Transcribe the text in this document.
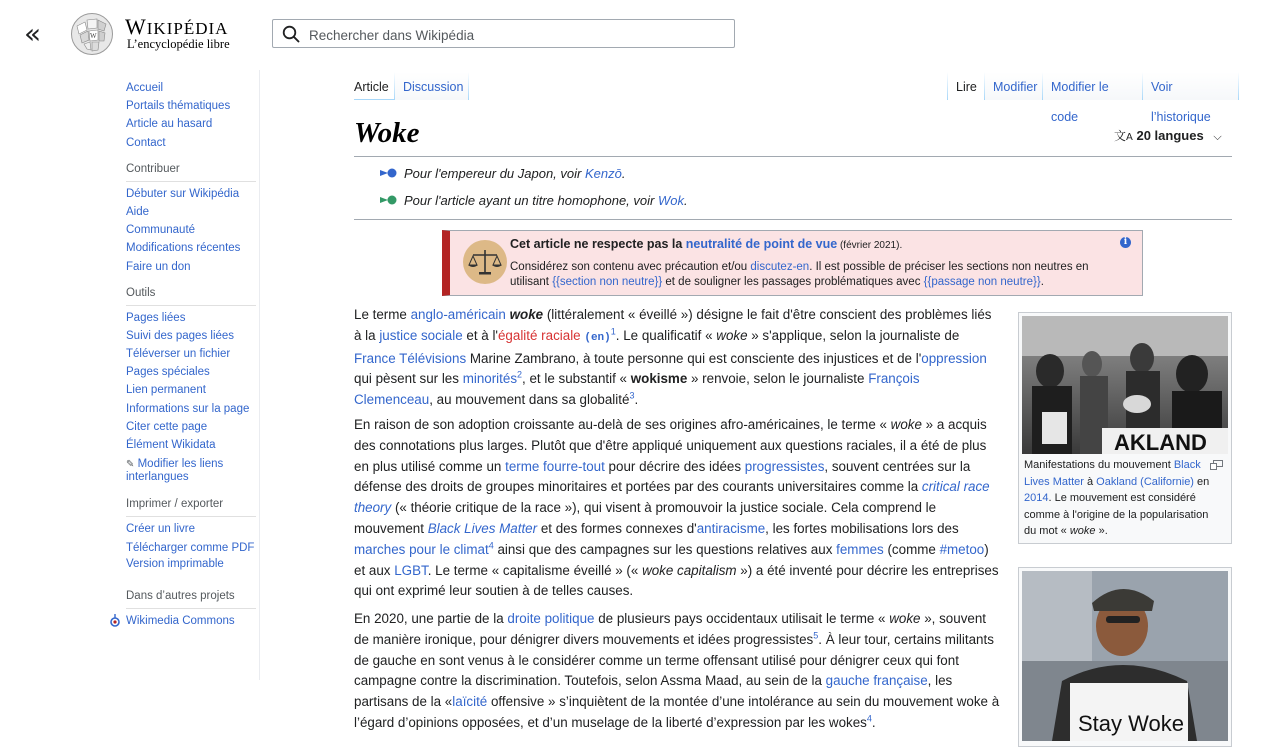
«	W WIKIPÉDIA
L’encyclopédie libre
Rechercher dans Wikipédia
Accueil
Portails thématiques
Article au hasard
Contact
Contribuer
Débuter sur Wikipédia
Aide
Communauté
Modifications récentes
Faire un don
Outils
Pages liées
Suivi des pages liées
Téléverser un fichier
Pages spéciales
Lien permanent
Informations sur la page
Citer cette page
Élément Wikidata
✎ Modifier les liens interlangues
Imprimer / exporter
Créer un livre
Télécharger comme PDF
Version imprimable
Dans d’autres projets
Wikimedia Commons
Article	Discussion	Lire	Modifier	Modifier le code
Voir l’historique
Woke	文A 20 langues ⌵
Pour l'empereur du Japon, voir Kenzō.
Pour l'article ayant un titre homophone, voir Wok.
Cet article ne respecte pas la neutralité de point de vue (février 2021).
Considérez son contenu avec précaution et/ou discutez-en. Il est possible de préciser les sections non neutres en utilisant {{section non neutre}} et de souligner les passages problématiques avec {{passage non neutre}}.
i

Le terme anglo-américain woke (littéralement « éveillé ») désigne le fait d'être conscient des problèmes liés à la justice sociale et à l'égalité raciale (en)$^1$. Le qualificatif « woke » s'applique, selon la journaliste de France Télévisions Marine Zambrano, à toute personne qui est consciente des injustices et de l'oppression qui pèsent sur les minorités$^2$, et le substantif « wokisme » renvoie, selon le journaliste François Clemenceau, au mouvement dans sa globalité$^3$.

En raison de son adoption croissante au-delà de ses origines afro-américaines, le terme « woke » a acquis des connotations plus larges. Plutôt que d'être appliqué uniquement aux questions raciales, il a été de plus en plus utilisé comme un terme fourre-tout pour décrire des idées progressistes, souvent centrées sur la défense des droits de groupes minoritaires et portées par des courants universitaires comme la critical race theory (« théorie critique de la race »), qui visent à promouvoir la justice sociale. Cela comprend le mouvement Black Lives Matter et des formes connexes d'antiracisme, les fortes mobilisations lors des marches pour le climat$^4$ ainsi que des campagnes sur les questions relatives aux femmes (comme #metoo) et aux LGBT. Le terme « capitalisme éveillé » (« woke capitalism ») a été inventé pour décrire les entreprises qui ont exprimé leur soutien à de telles causes.

En 2020, une partie de la droite politique de plusieurs pays occidentaux utilisait le terme « woke », souvent de manière ironique, pour dénigrer divers mouvements et idées progressistes$^5$. À leur tour, certains militants de gauche en sont venus à le considérer comme un terme offensant utilisé pour dénigrer ceux qui font campagne contre la discrimination. Toutefois, selon Assma Maad, au sein de la gauche française, les partisans de la «laïcité offensive » s’inquiètent de la montée d’une intolérance au sein du mouvement woke à l’égard d’opinions opposées, et d’un muselage de la liberté d’expression par les wokes$^4$.

AKLAND
Manifestations du mouvement Black Lives Matter à Oakland (Californie) en 2014. Le mouvement est considéré comme à l'origine de la popularisation du mot « woke ».
Stay Woke
